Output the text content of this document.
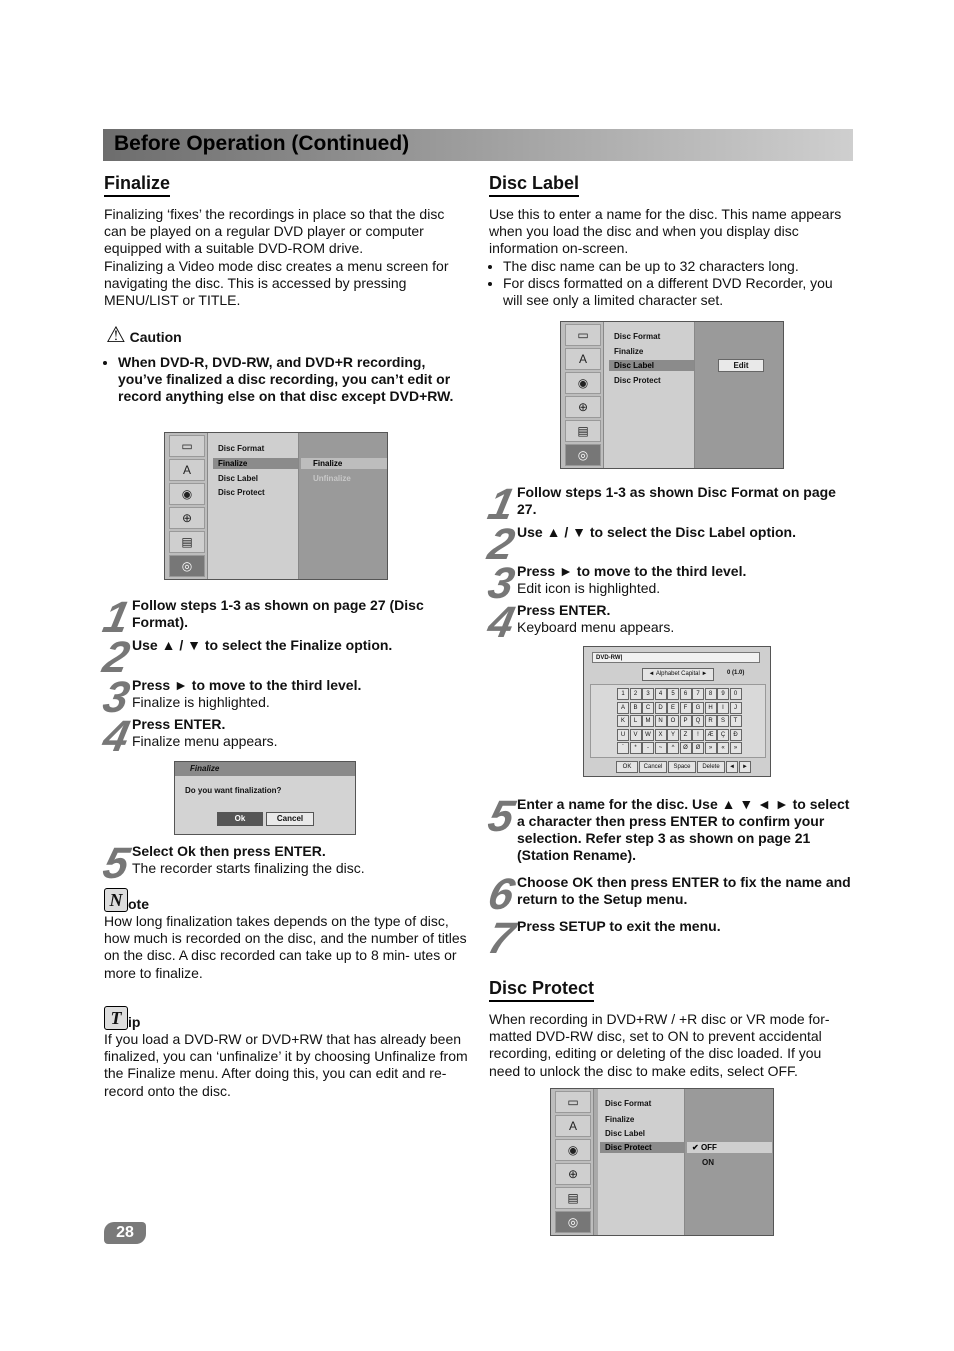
Before Operation (Continued)
Finalize

Finalizing ‘fixes’ the recordings in place so that the disc can be played on a regular DVD player or computer equipped with a suitable DVD-ROM drive.

Finalizing a Video mode disc creates a menu screen for navigating the disc. This is accessed by pressing MENU/LIST or TITLE.

⚠ Caution
• When DVD-R, DVD-RW, and DVD+R recording, you’ve finalized a disc recording, you can’t edit or record anything else on that disc except DVD+RW.
▭
A
◉
⊕
▤
◎
Disc Format
Finalize
Disc Label
Disc Protect
Finalize
Unfinalize
1
Follow steps 1-3 as shown on page 27 (Disc Format).
2
Use ▲ / ▼ to select the Finalize option.
3
Press ► to move to the third level.
Finalize is highlighted.
4
Press ENTER.
Finalize menu appears.
Finalize
Do you want finalization?
Ok	Cancel
5
Select Ok then press ENTER.
The recorder starts finalizing the disc.
N ote
How long finalization takes depends on the type of disc, how much is recorded on the disc, and the number of titles on the disc. A disc recorded can take up to 8 min- utes or more to finalize.
T ip
If you load a DVD-RW or DVD+RW that has already been finalized, you can ‘unfinalize’ it by choosing Unfinalize from the Finalize menu. After doing this, you can edit and re-record onto the disc.
28
Disc Label

Use this to enter a name for the disc. This name appears when you load the disc and when you display disc information on-screen.

• The disc name can be up to 32 characters long.
• For discs formatted on a different DVD Recorder, you will see only a limited character set.
▭
A
◉
⊕
▤
◎
Disc Format
Finalize
Disc Label
Disc Protect
Edit
1
Follow steps 1-3 as shown Disc Format on page 27.
2
Use ▲ / ▼ to select the Disc Label option.
3
Press ► to move to the third level.
Edit icon is highlighted.
4
Press ENTER.
Keyboard menu appears.
DVD-RW|
◄ Alphabet Capital ►	0 (1.0)
1	2	3	4	5	6	7	8	9	0
A	B	C	D	E	F	G	H	I	J
K	L	M	N	O	P	Q	R	S	T
U	V	W	X	Y	Z	!	Æ	Ç	Ð
`	*	-	~	^	Ø	Ø	»	«	»
OK	Cancel	Space	Delete	◄	►
5
Enter a name for the disc. Use ▲ ▼ ◄ ► to select a character then press ENTER to confirm your selection. Refer step 3 as shown on page 21 (Station Rename).
6
Choose OK then press ENTER to fix the name and return to the Setup menu.
7
Press SETUP to exit the menu.
Disc Protect
When recording in DVD+RW / +R disc or VR mode for- matted DVD-RW disc, set to ON to prevent accidental recording, editing or deleting of the disc loaded. If you need to unlock the disc to make edits, select OFF.
▭
A
◉
⊕
▤
◎
Disc Format
Finalize
Disc Label
Disc Protect	✔ OFF
ON
